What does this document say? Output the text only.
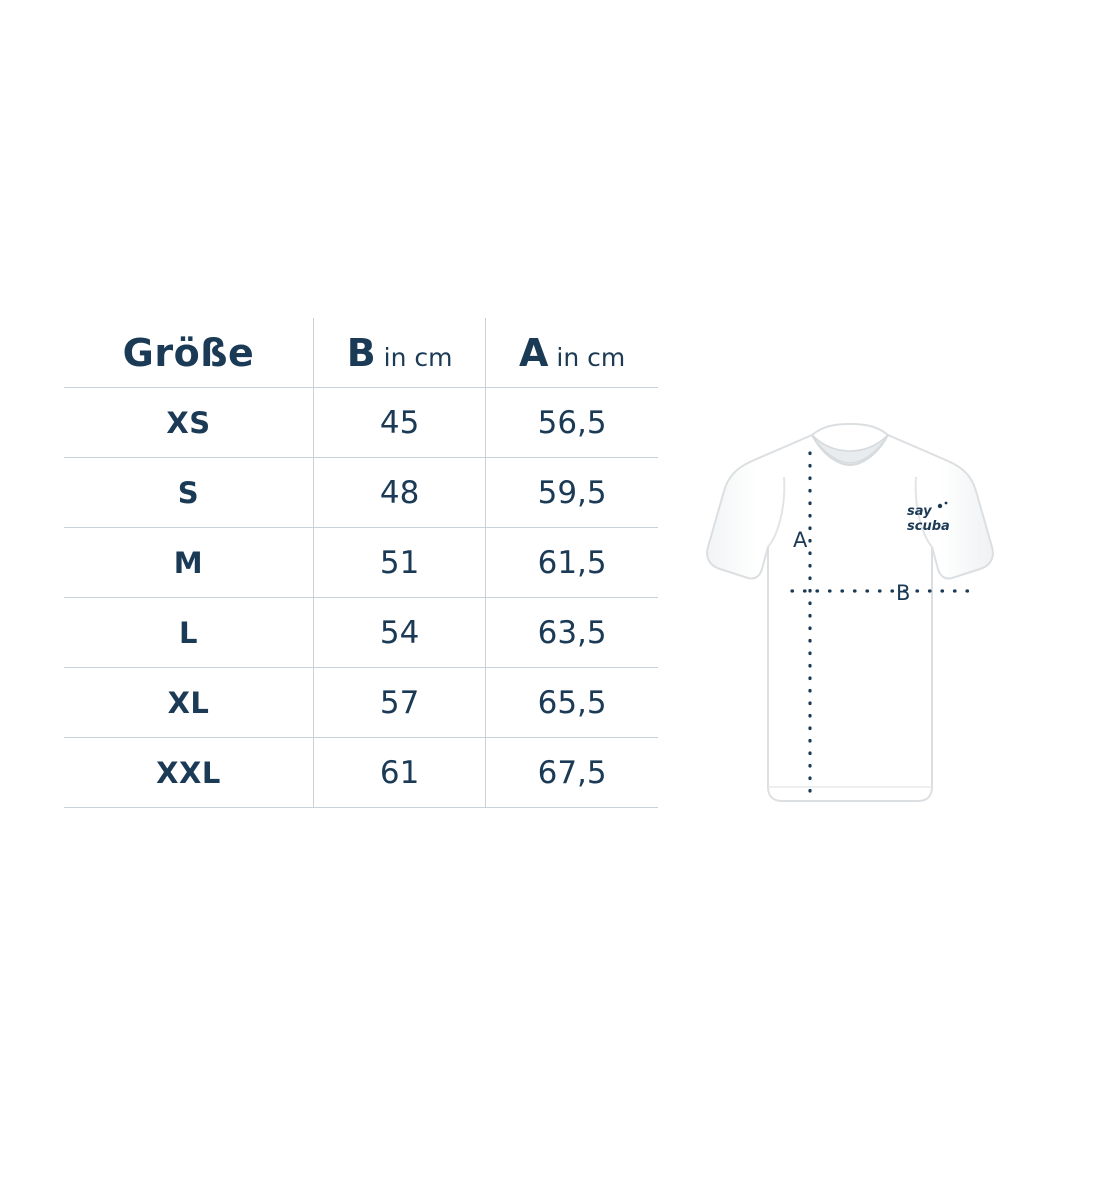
Größe	B in cm	A in cm
XS	45	56,5
S	48	59,5
M	51	61,5
L	54	63,5
XL	57	65,5
XXL	61	67,5
A
B
say
scuba
